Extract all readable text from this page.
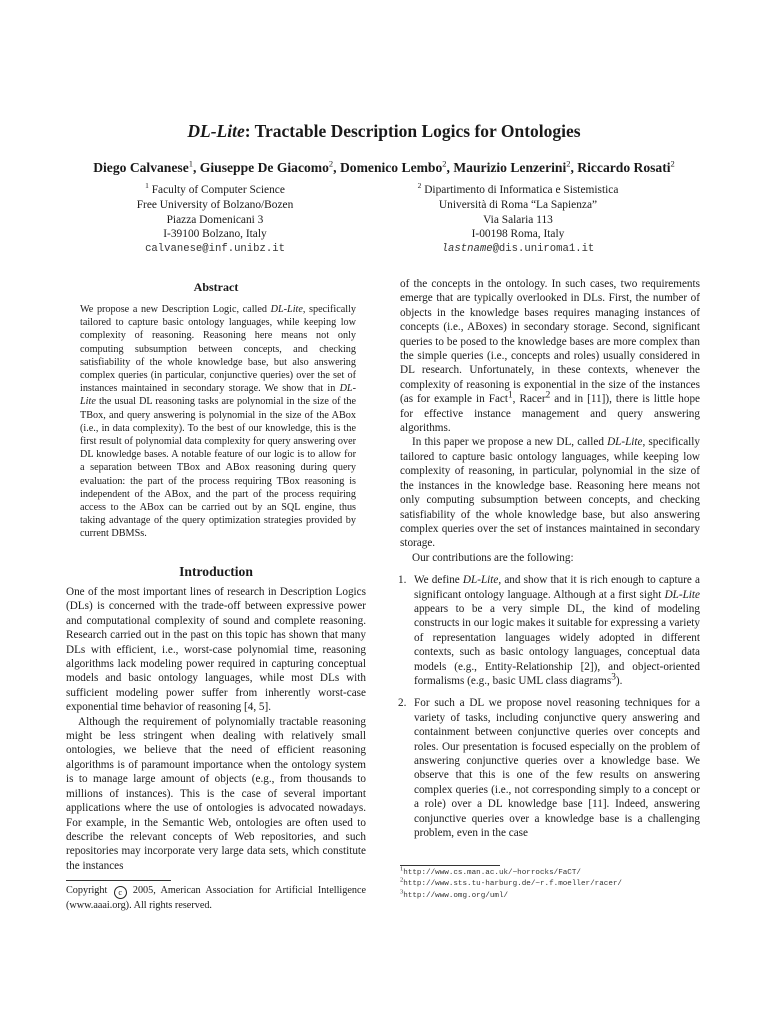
DL-Lite: Tractable Description Logics for Ontologies
Diego Calvanese$^1$, Giuseppe De Giacomo$^2$, Domenico Lembo$^2$, Maurizio Lenzerini$^2$, Riccardo Rosati$^2$
$^1$ Faculty of Computer Science
Free University of Bolzano/Bozen
Piazza Domenicani 3
I-39100 Bolzano, Italy
calvanese@inf.unibz.it
$^2$ Dipartimento di Informatica e Sistemistica
Università di Roma “La Sapienza”
Via Salaria 113
I-00198 Roma, Italy
lastname@dis.uniroma1.it
Abstract
We propose a new Description Logic, called DL-Lite, specifically tailored to capture basic ontology languages, while keeping low complexity of reasoning. Reasoning here means not only computing subsumption between concepts, and checking satisfiability of the whole knowledge base, but also answering complex queries (in particular, conjunctive queries) over the set of instances maintained in secondary storage. We show that in DL-Lite the usual DL reasoning tasks are polynomial in the size of the TBox, and query answering is polynomial in the size of the ABox (i.e., in data complexity). To the best of our knowledge, this is the first result of polynomial data complexity for query answering over DL knowledge bases. A notable feature of our logic is to allow for a separation between TBox and ABox reasoning during query evaluation: the part of the process requiring TBox reasoning is independent of the ABox, and the part of the process requiring access to the ABox can be carried out by an SQL engine, thus taking advantage of the query optimization strategies provided by current DBMSs.
Introduction

One of the most important lines of research in Description Logics (DLs) is concerned with the trade-off between expressive power and computational complexity of sound and complete reasoning. Research carried out in the past on this topic has shown that many DLs with efficient, i.e., worst-case polynomial time, reasoning algorithms lack modeling power required in capturing conceptual models and basic ontology languages, while most DLs with sufficient modeling power suffer from inherently worst-case exponential time behavior of reasoning [4, 5].

Although the requirement of polynomially tractable reasoning might be less stringent when dealing with relatively small ontologies, we believe that the need of efficient reasoning algorithms is of paramount importance when the ontology system is to manage large amount of objects (e.g., from thousands to millions of instances). This is the case of several important applications where the use of ontologies is advocated nowadays. For example, in the Semantic Web, ontologies are often used to describe the relevant concepts of Web repositories, and such repositories may incorporate very large data sets, which constitute the instances

Copyright c 2005, American Association for Artificial Intelligence (www.aaai.org). All rights reserved.

of the concepts in the ontology. In such cases, two requirements emerge that are typically overlooked in DLs. First, the number of objects in the knowledge bases requires managing instances of concepts (i.e., ABoxes) in secondary storage. Second, significant queries to be posed to the knowledge bases are more complex than the simple queries (i.e., concepts and roles) usually considered in DL research. Unfortunately, in these contexts, whenever the complexity of reasoning is exponential in the size of the instances (as for example in Fact$^1$, Racer$^2$ and in [11]), there is little hope for effective instance management and query answering algorithms.

In this paper we propose a new DL, called DL-Lite, specifically tailored to capture basic ontology languages, while keeping low complexity of reasoning, in particular, polynomial in the size of the instances in the knowledge base. Reasoning here means not only computing subsumption between concepts, and checking satisfiability of the whole knowledge base, but also answering complex queries over the set of instances maintained in secondary storage.

Our contributions are the following:

1. We define DL-Lite, and show that it is rich enough to capture a significant ontology language. Although at a first sight DL-Lite appears to be a very simple DL, the kind of modeling constructs in our logic makes it suitable for expressing a variety of representation languages widely adopted in different contexts, such as basic ontology languages, conceptual data models (e.g., Entity-Relationship [2]), and object-oriented formalisms (e.g., basic UML class diagrams$^3$).
2. For such a DL we propose novel reasoning techniques for a variety of tasks, including conjunctive query answering and containment between conjunctive queries over concepts and roles. Our presentation is focused especially on the problem of answering conjunctive queries over a knowledge base. We observe that this is one of the few results on answering complex queries (i.e., not corresponding simply to a concept or a role) over a DL knowledge base [11]. Indeed, answering conjunctive queries over a knowledge base is a challenging problem, even in the case
$^1$http://www.cs.man.ac.uk/~horrocks/FaCT/
$^2$http://www.sts.tu-harburg.de/~r.f.moeller/racer/
$^3$http://www.omg.org/uml/
